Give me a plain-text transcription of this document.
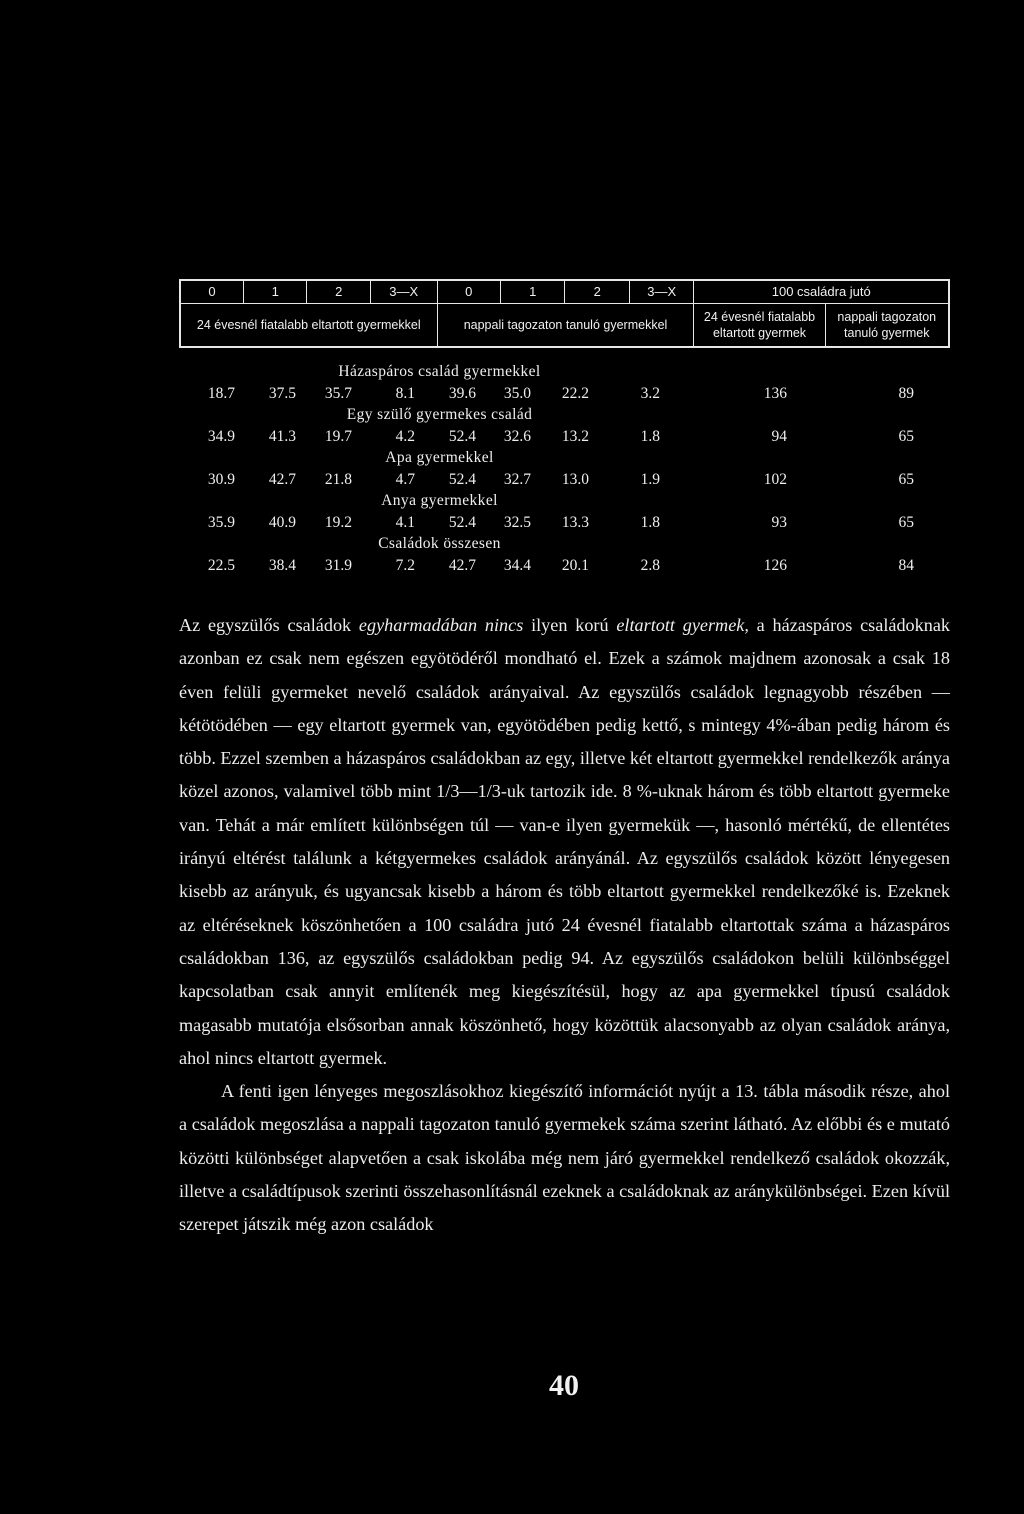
0	1	2	3—X	0	1	2	3—X	100 családra jutó	
24 évesnél fiatalabb eltartott gyermekkel				nappali tagozaton tanuló gyermekkel				24 évesnél fiatalabb eltartott gyermek	nappali tagozaton tanuló gyermek
Házaspáros család gyermekkel
18.7	37.5	35.7	8.1	39.6	35.0	22.2	3.2	136	89
Egy szülő gyermekes család
34.9	41.3	19.7	4.2	52.4	32.6	13.2	1.8	94	65
Apa gyermekkel
30.9	42.7	21.8	4.7	52.4	32.7	13.0	1.9	102	65
Anya gyermekkel
35.9	40.9	19.2	4.1	52.4	32.5	13.3	1.8	93	65
Családok összesen
22.5	38.4	31.9	7.2	42.7	34.4	20.1	2.8	126	84

Az egyszülős családok egyharmadában nincs ilyen korú eltartott gyermek, a házaspáros családoknak azonban ez csak nem egészen egyötödéről mondható el. Ezek a számok majdnem azonosak a csak 18 éven felüli gyermeket nevelő családok arányaival. Az egyszülős családok legnagyobb részében — kétötödében — egy eltartott gyermek van, egyötödében pedig kettő, s mintegy 4%-ában pedig három és több. Ezzel szemben a házaspáros családokban az egy, illetve két eltartott gyermekkel rendelkezők aránya közel azonos, valamivel több mint 1/3—1/3-uk tartozik ide. 8 %-uknak három és több eltartott gyermeke van. Tehát a már említett különbségen túl — van-e ilyen gyermekük —, hasonló mértékű, de ellentétes irányú eltérést találunk a kétgyermekes családok arányánál. Az egyszülős családok között lényegesen kisebb az arányuk, és ugyancsak kisebb a három és több eltartott gyermekkel rendelkezőké is. Ezeknek az eltéréseknek köszönhetően a 100 családra jutó 24 évesnél fiatalabb eltartottak száma a házaspáros családokban 136, az egyszülős családokban pedig 94. Az egyszülős családokon belüli különbséggel kapcsolatban csak annyit említenék meg kiegészítésül, hogy az apa gyermekkel típusú családok magasabb mutatója elsősorban annak köszönhető, hogy közöttük alacsonyabb az olyan családok aránya, ahol nincs eltartott gyermek.

A fenti igen lényeges megoszlásokhoz kiegészítő információt nyújt a 13. tábla második része, ahol a családok megoszlása a nappali tagozaton tanuló gyermekek száma szerint látható. Az előbbi és e mutató közötti különbséget alapvetően a csak iskolába még nem járó gyermekkel rendelkező családok okozzák, illetve a családtípusok szerinti összehasonlításnál ezeknek a családoknak az aránykülönbségei. Ezen kívül szerepet játszik még azon családok

40
